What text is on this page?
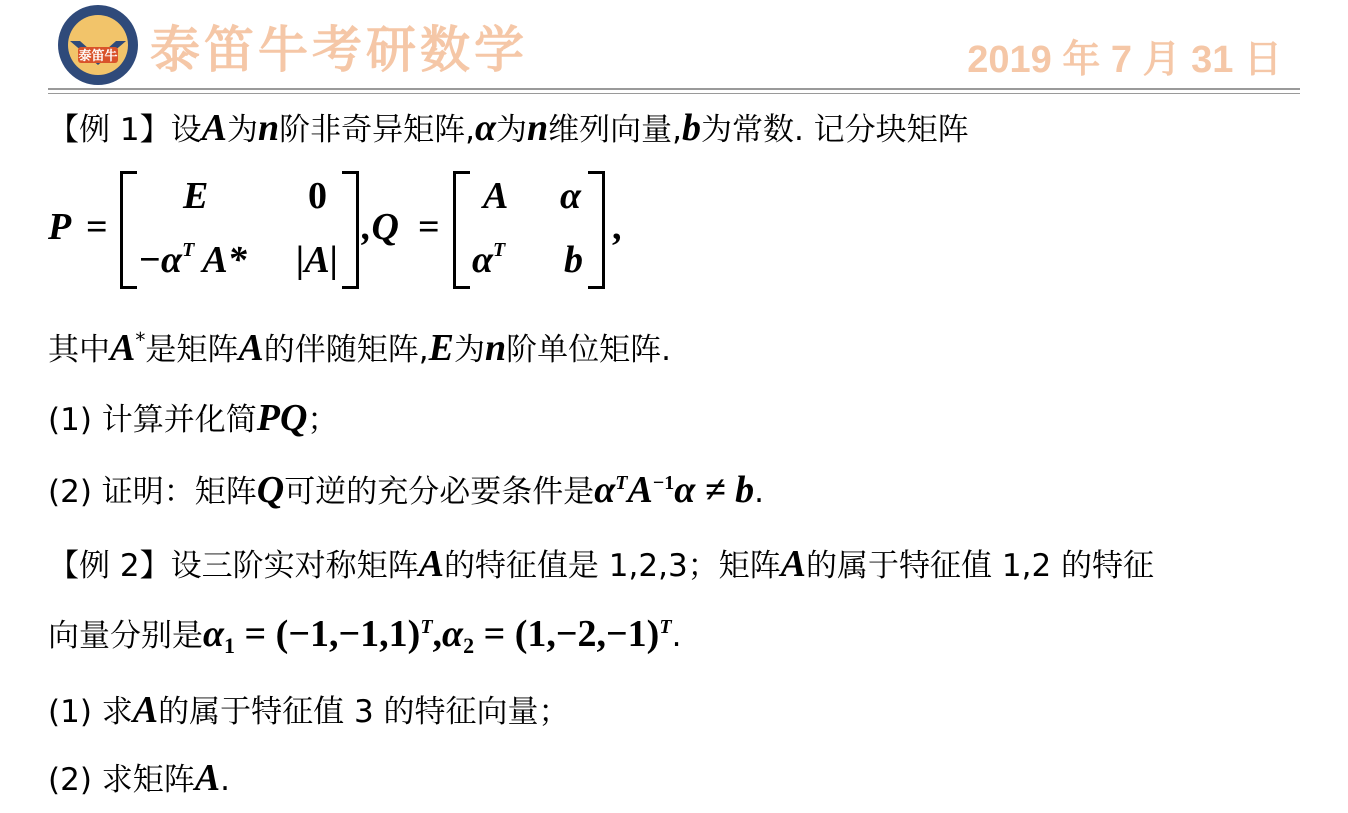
泰笛牛 泰笛牛考研数学	2019 年 7 月 31 日
【例 1】设A为n阶非奇异矩阵,α为n维列向量,b为常数. 记分块矩阵
P =
E	0
$-\alpha^T$ A* |A|
,Q =
A α
$\alpha^T$ b
,
其中A*是矩阵A的伴随矩阵,E为n阶单位矩阵.
(1) 计算并化简PQ；
(2) 证明：矩阵Q可逆的充分必要条件是$\alpha^TA^{-1}\alpha \ne b$.
【例 2】设三阶实对称矩阵A的特征值是 1,2,3；矩阵A的属于特征值 1,2 的特征
向量分别是$\alpha_1 = (-1,-1,1)^T,\alpha_2 = (1,-2,-1)^T$.
(1) 求A的属于特征值 3 的特征向量；
(2) 求矩阵A.
